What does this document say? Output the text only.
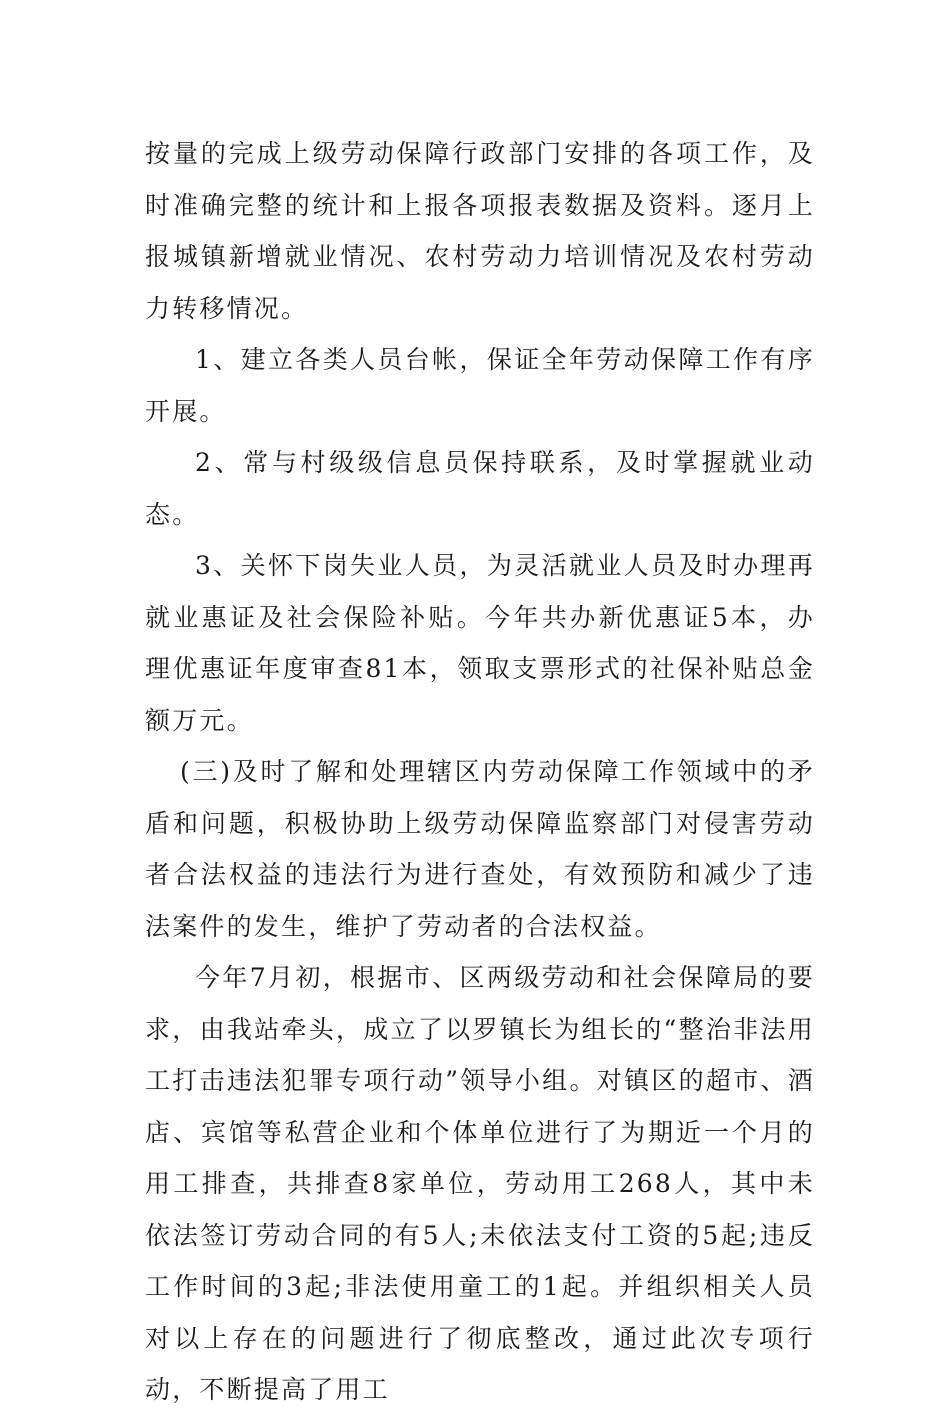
按量的完成上级劳动保障行政部门安排的各项工作，及时准确完整的统计和上报各项报表数据及资料。逐月上报城镇新增就业情况、农村劳动力培训情况及农村劳动力转移情况。

1、建立各类人员台帐，保证全年劳动保障工作有序开展。

2、常与村级级信息员保持联系，及时掌握就业动态。

3、关怀下岗失业人员，为灵活就业人员及时办理再就业惠证及社会保险补贴。今年共办新优惠证5本，办理优惠证年度审查81本，领取支票形式的社保补贴总金额万元。

(三)及时了解和处理辖区内劳动保障工作领域中的矛盾和问题，积极协助上级劳动保障监察部门对侵害劳动者合法权益的违法行为进行查处，有效预防和减少了违法案件的发生，维护了劳动者的合法权益。

今年7月初，根据市、区两级劳动和社会保障局的要求，由我站牵头，成立了以罗镇长为组长的“整治非法用工打击违法犯罪专项行动”领导小组。对镇区的超市、酒店、宾馆等私营企业和个体单位进行了为期近一个月的用工排查，共排查8家单位，劳动用工268人，其中未依法签订劳动合同的有5人;未依法支付工资的5起;违反工作时间的3起;非法使用童工的1起。并组织相关人员对以上存在的问题进行了彻底整改，通过此次专项行动，不断提高了用工
